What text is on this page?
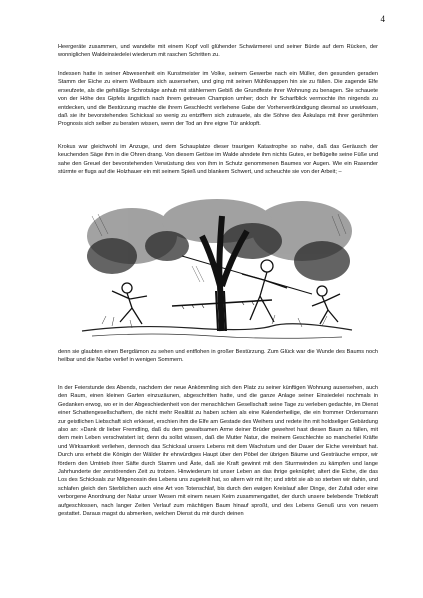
4

Heergeräte zusammen, und wandelte mit einem Kopf voll glühender Schwärmerei und seiner Bürde auf dem Rücken, der wonniglichen Waldeinsiedelei wiederum mit raschen Schritten zu.

Indessen hatte in seiner Abwesenheit ein Kunstmeister im Volke, seinem Gewerbe nach ein Müller, den gesunden geraden Stamm der Eiche zu einem Wellbaum sich ausersehen, und ging mit seinen Mühlknappen hin sie zu fällen. Die zagende Elfe erseufzete, als die gefräßige Schrotsäge anhub mit stählernem Gebiß die Grundfeste ihrer Wohnung zu benagen. Sie schauete von der Höhe des Gipfels ängstlich nach ihrem getreuen Champion umher; doch ihr Scharfblick vermochte ihn nirgends zu entdecken, und die Bestürzung machte die ihrem Geschlecht verliehene Gabe der Vorhervertkündigung diesmal so unwirksam, daß sie ihr bevorstehendes Schicksal so wenig zu entziffern sich zutrauete, als die Söhne des Äskulaps mit ihrer gerühmten Prognosis sich selber zu beraten wissen, wenn der Tod an ihre eigne Tür anklopft.

Krokus war gleichwohl im Anzuge, und dem Schauplatze dieser traurigen Katastrophe so nahe, daß das Geräusch der keuchenden Säge ihm in die Ohren drang. Von diesem Getöse im Walde ahndete ihm nichts Gutes, er beflügelte seine Füße und sahe den Greuel der bevorstehenden Verwüstung des von ihm in Schutz genommenen Baumes vor Augen. Wie ein Rasender stürmte er flugs auf die Holzhauer ein mit seinem Spieß und blankem Schwert, und scheuchte sie von der Arbeit; –

denn sie glaubten einen Bergdämon zu sehen und entflohen in großer Bestürzung. Zum Glück war die Wunde des Baums noch heilbar und die Narbe verlief in wenigen Sommern.

In der Feierstunde des Abends, nachdem der neue Ankömmling sich den Platz zu seiner künftigen Wohnung ausersehen, auch den Raum, einen kleinen Garten einzuzäunen, abgeschritten hatte, und die ganze Anlage seiner Einsiedelei nochmals in Gedanken erwog, wo er in der Abgeschiedenheit von der menschlichen Gesellschaft seine Tage zu verleben gedachte, im Dienst einer Schattengesellschaftern, die nicht mehr Realität zu haben schien als eine Kalenderheilige, die ein frommer Ordensmann zur geistlichen Liebschaft sich erkieset, erschien ihm die Elfe am Gestade des Weihers und redete ihn mit holdseliger Gebärdung also an: »Dank dir lieber Fremdling, daß du dem gewaltsamen Arme deiner Brüder gewehret hast diesen Baum zu fällen, mit dem mein Leben verschwistert ist; denn du sollst wissen, daß die Mutter Natur, die meinem Geschlechte so mancherlei Kräfte und Wirksamkeit verliehen, dennoch das Schicksal unsers Lebens mit dem Wachstum und der Dauer der Eiche vereinbart hat. Durch uns erhebt die Königin der Wälder ihr ehrwürdiges Haupt über den Pöbel der übrigen Bäume und Gesträuche empor, wir fördern den Umtrieb ihrer Säfte durch Stamm und Äste, daß sie Kraft gewinnt mit den Sturmwinden zu kämpfen und lange Jahrhunderte der zerstörenden Zeit zu trotzen. Hinwiederum ist unser Leben an das ihrige geknüpfet; altert die Eiche, die das Los des Schicksals zur Mitgenossin des Lebens uns zugeteilt hat, so altern wir mit ihr; und stirbt sie ab so sterben wir dahin, und schlafen gleich den Sterblichen auch eine Art von Totenschlaf, bis durch den ewigen Kreislauf aller Dinge, der Zufall oder eine verborgene Anordnung der Natur unser Wesen mit einem neuen Keim zusammengattet, der durch unsere belebende Triebkraft aufgeschlossen, nach langer Zeiten Verlauf zum mächtigen Baum hinauf sproßt, und des Lebens Genuß uns von neuem gestattet. Daraus magst du abmerken, welchen Dienst du mir durch deinen
